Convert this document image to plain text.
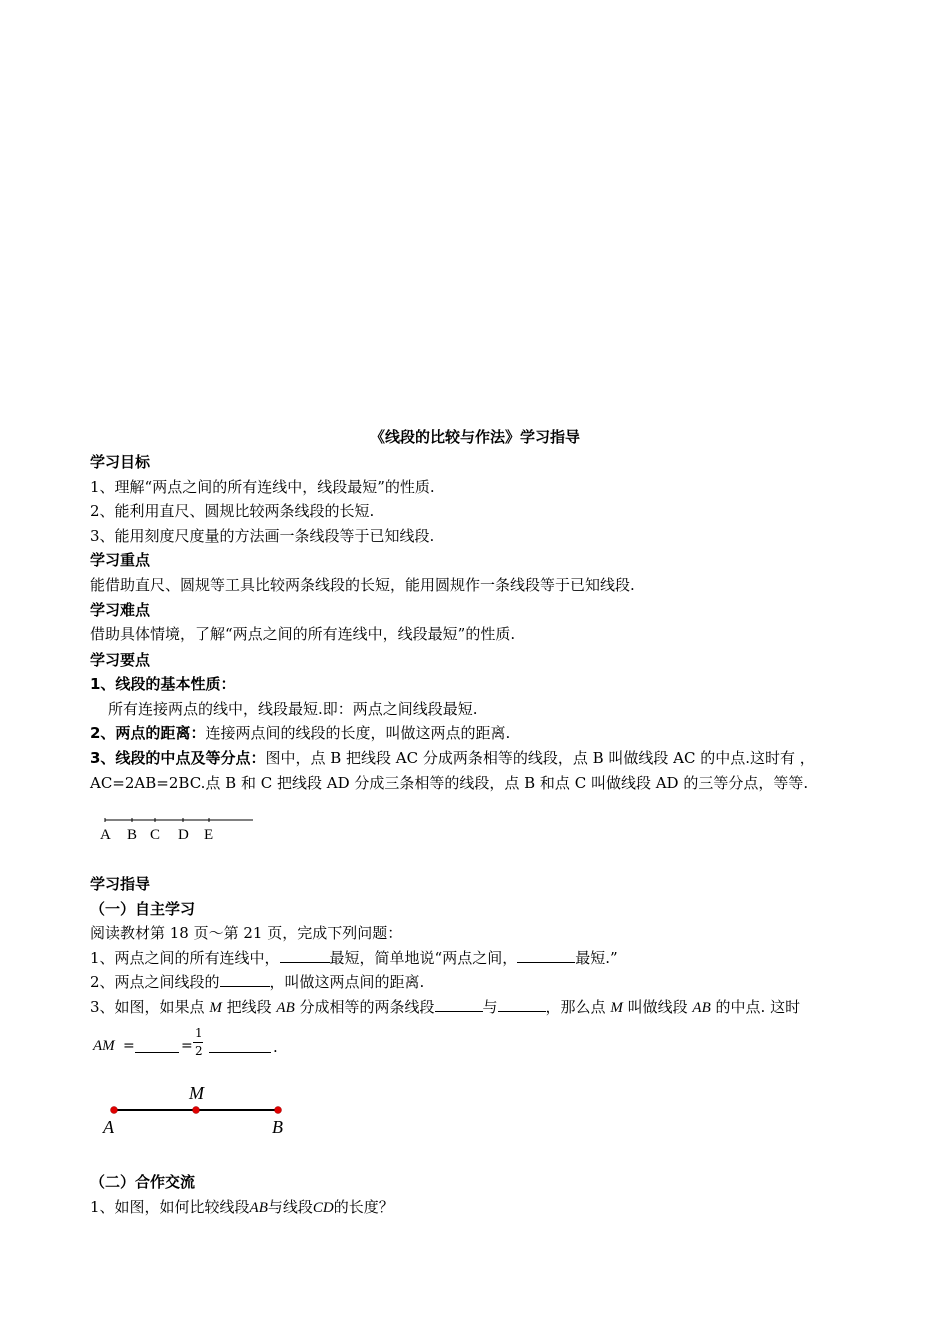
《线段的比较与作法》学习指导
学习目标
1、理解“两点之间的所有连线中，线段最短”的性质.
2、能利用直尺、圆规比较两条线段的长短.
3、能用刻度尺度量的方法画一条线段等于已知线段.
学习重点
能借助直尺、圆规等工具比较两条线段的长短，能用圆规作一条线段等于已知线段.
学习难点
借助具体情境，了解“两点之间的所有连线中，线段最短”的性质.
学习要点
1、线段的基本性质：
所有连接两点的线中，线段最短.即：两点之间线段最短.
2、两点的距离：连接两点间的线段的长度，叫做这两点的距离.
3、线段的中点及等分点：图中，点 B 把线段 AC 分成两条相等的线段，点 B 叫做线段 AC 的中点.这时有 ，
AC=2AB=2BC.点 B 和 C 把线段 AD 分成三条相等的线段，点 B 和点 C 叫做线段 AD 的三等分点，等等.
A B C D E
学习指导
（一）自主学习
阅读教材第 18 页～第 21 页，完成下列问题：
1、两点之间的所有连线中，	最短，简单地说“两点之间，	最短.”
2、两点之间线段的	，叫做这两点间的距离.
3、如图，如果点 M 把线段 AB 分成相等的两条线段	与	，那么点 M 叫做线段 AB 的中点. 这时
AM =	=
1
2	.
A
M
B
（二）合作交流
1、如图，如何比较线段AB与线段CD的长度？
